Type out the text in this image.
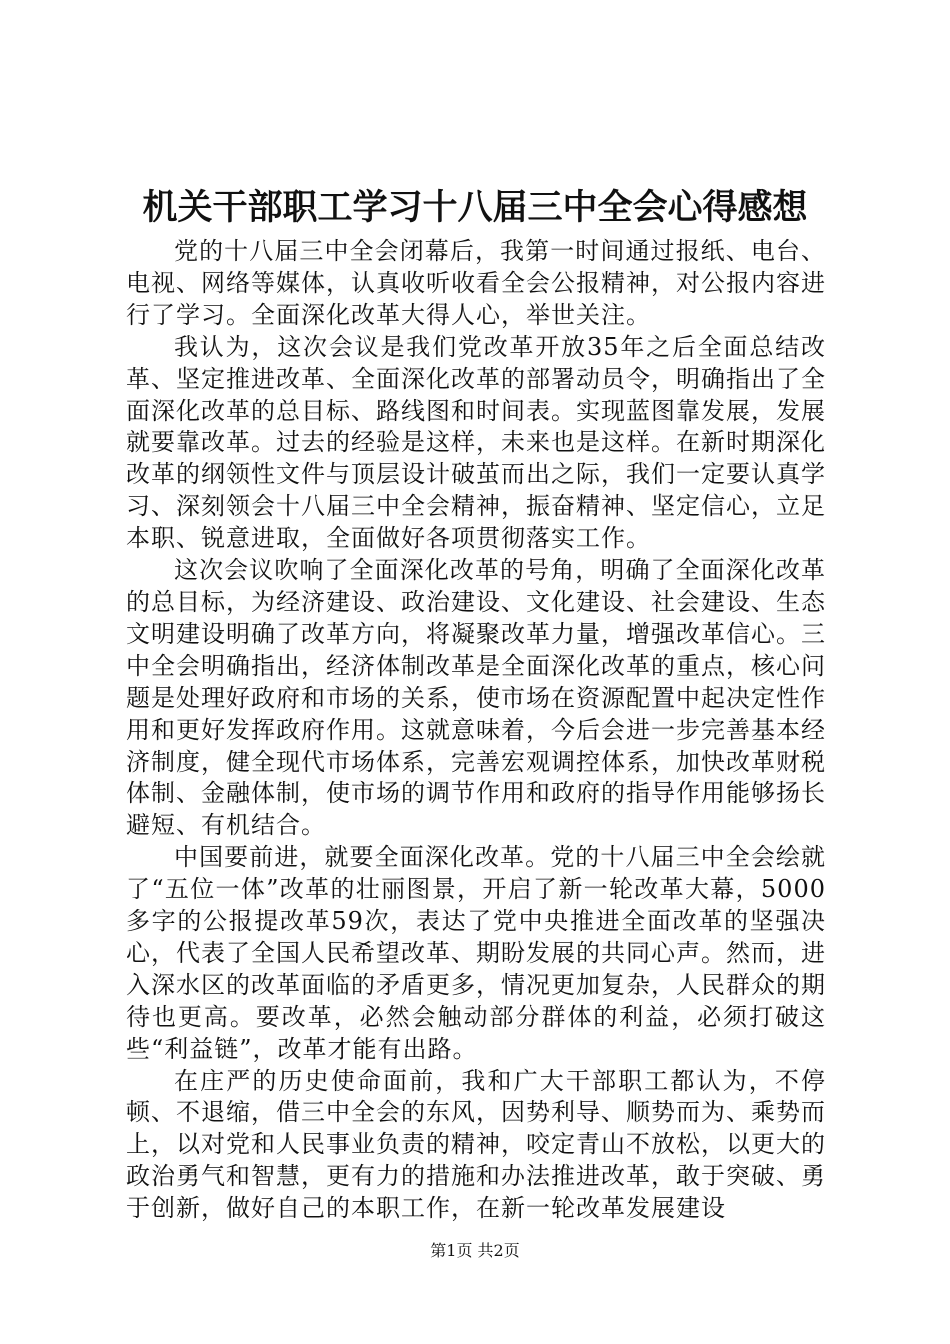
机关干部职工学习十八届三中全会心得感想

党的十八届三中全会闭幕后，我第一时间通过报纸、电台、电视、网络等媒体，认真收听收看全会公报精神，对公报内容进行了学习。全面深化改革大得人心，举世关注。

我认为，这次会议是我们党改革开放35年之后全面总结改革、坚定推进改革、全面深化改革的部署动员令，明确指出了全面深化改革的总目标、路线图和时间表。实现蓝图靠发展，发展就要靠改革。过去的经验是这样，未来也是这样。在新时期深化改革的纲领性文件与顶层设计破茧而出之际，我们一定要认真学习、深刻领会十八届三中全会精神，振奋精神、坚定信心，立足本职、锐意进取，全面做好各项贯彻落实工作。

这次会议吹响了全面深化改革的号角，明确了全面深化改革的总目标，为经济建设、政治建设、文化建设、社会建设、生态文明建设明确了改革方向，将凝聚改革力量，增强改革信心。三中全会明确指出，经济体制改革是全面深化改革的重点，核心问题是处理好政府和市场的关系，使市场在资源配置中起决定性作用和更好发挥政府作用。这就意味着，今后会进一步完善基本经济制度，健全现代市场体系，完善宏观调控体系，加快改革财税体制、金融体制，使市场的调节作用和政府的指导作用能够扬长避短、有机结合。

中国要前进，就要全面深化改革。党的十八届三中全会绘就了“五位一体”改革的壮丽图景，开启了新一轮改革大幕，5000多字的公报提改革59次，表达了党中央推进全面改革的坚强决心，代表了全国人民希望改革、期盼发展的共同心声。然而，进入深水区的改革面临的矛盾更多，情况更加复杂，人民群众的期待也更高。要改革，必然会触动部分群体的利益，必须打破这些“利益链”，改革才能有出路。

在庄严的历史使命面前，我和广大干部职工都认为，不停顿、不退缩，借三中全会的东风，因势利导、顺势而为、乘势而上，以对党和人民事业负责的精神，咬定青山不放松，以更大的政治勇气和智慧，更有力的措施和办法推进改革，敢于突破、勇于创新，做好自己的本职工作，在新一轮改革发展建设

第1页 共2页
